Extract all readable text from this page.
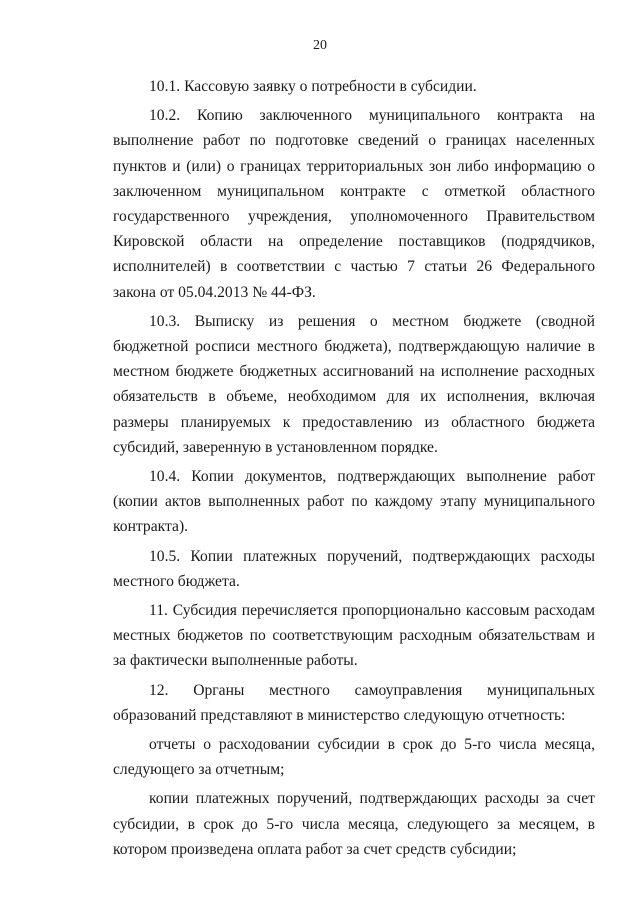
20

10.1. Кассовую заявку о потребности в субсидии.

10.2. Копию заключенного муниципального контракта на выполнение работ по подготовке сведений о границах населенных пунктов и (или) о границах территориальных зон либо информацию о заключенном муниципальном контракте с отметкой областного государственного учреждения, уполномоченного Правительством Кировской области на определение поставщиков (подрядчиков, исполнителей) в соответствии с частью 7 статьи 26 Федерального закона от 05.04.2013 № 44-ФЗ.

10.3. Выписку из решения о местном бюджете (сводной бюджетной росписи местного бюджета), подтверждающую наличие в местном бюджете бюджетных ассигнований на исполнение расходных обязательств в объеме, необходимом для их исполнения, включая размеры планируемых к предоставлению из областного бюджета субсидий, заверенную в установленном порядке.

10.4. Копии документов, подтверждающих выполнение работ (копии актов выполненных работ по каждому этапу муниципального контракта).

10.5. Копии платежных поручений, подтверждающих расходы местного бюджета.

11. Субсидия перечисляется пропорционально кассовым расходам местных бюджетов по соответствующим расходным обязательствам и за фактически выполненные работы.

12. Органы местного самоуправления муниципальных образований представляют в министерство следующую отчетность:

отчеты о расходовании субсидии в срок до 5-го числа месяца, следующего за отчетным;

копии платежных поручений, подтверждающих расходы за счет субсидии, в срок до 5-го числа месяца, следующего за месяцем, в котором произведена оплата работ за счет средств субсидии;
